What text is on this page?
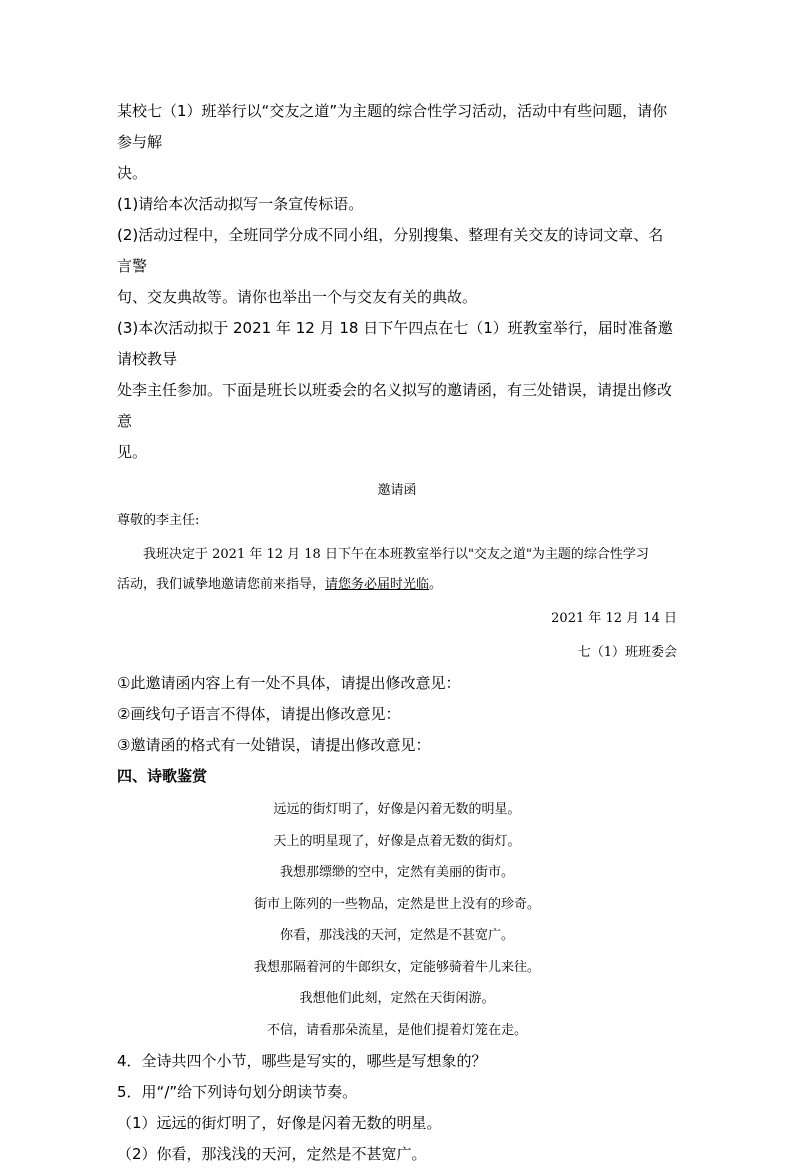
某校七（1）班举行以“交友之道”为主题的综合性学习活动，活动中有些问题，请你参与解

决。

(1)请给本次活动拟写一条宣传标语。

(2)活动过程中，全班同学分成不同小组，分别搜集、整理有关交友的诗词文章、名言警

句、交友典故等。请你也举出一个与交友有关的典故。

(3)本次活动拟于 2021 年 12 月 18 日下午四点在七（1）班教室举行，届时准备邀请校教导

处李主任参加。下面是班长以班委会的名义拟写的邀请函，有三处错误，请提出修改意

见。

邀请函

尊敬的李主任:

我班决定于 2021 年 12 月 18 日下午在本班教室举行以"交友之道"为主题的综合性学习

活动，我们诚挚地邀请您前来指导，请您务必届时光临。

2021 年 12 月 14 日

七（1）班班委会

①此邀请函内容上有一处不具体，请提出修改意见：

②画线句子语言不得体，请提出修改意见：

③邀请函的格式有一处错误，请提出修改意见：

四、诗歌鉴赏

远远的街灯明了，好像是闪着无数的明星。

天上的明星现了，好像是点着无数的街灯。

我想那缥缈的空中，定然有美丽的街市。

街市上陈列的一些物品，定然是世上没有的珍奇。

你看，那浅浅的天河，定然是不甚宽广。

我想那隔着河的牛郎织女，定能够骑着牛儿来往。

我想他们此刻，定然在天街闲游。

不信，请看那朵流星，是他们提着灯笼在走。

4．全诗共四个小节，哪些是写实的，哪些是写想象的？

5．用“/”给下列诗句划分朗读节奏。

（1）远远的街灯明了，好像是闪着无数的明星。

（2）你看，那浅浅的天河，定然是不甚宽广。
